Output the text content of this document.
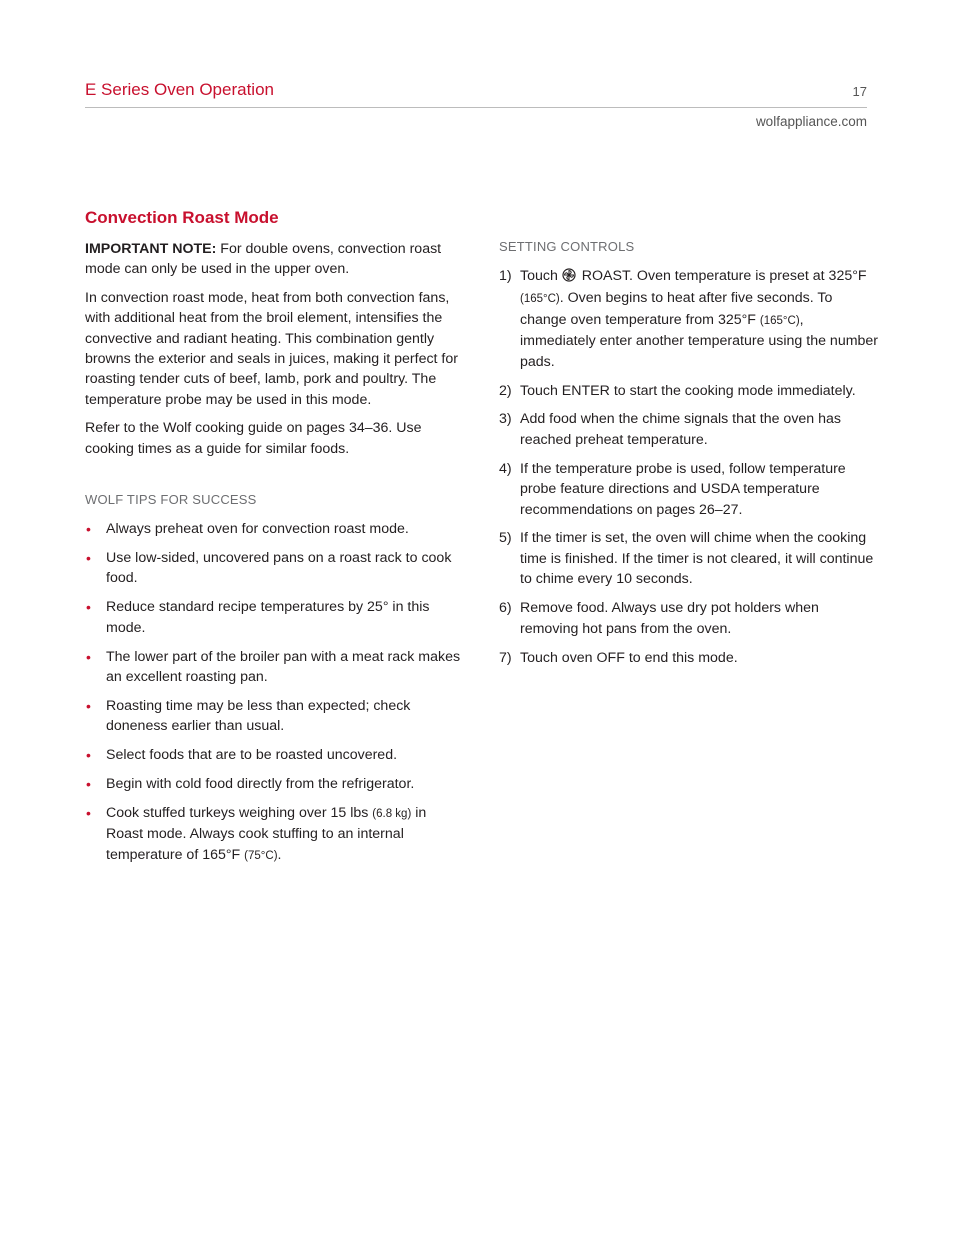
E Series Oven Operation	17
wolfappliance.com
Convection Roast Mode

IMPORTANT NOTE: For double ovens, convection roast mode can only be used in the upper oven.

In convection roast mode, heat from both convection fans, with additional heat from the broil element, intensifies the convective and radiant heating. This combination gently browns the exterior and seals in juices, making it perfect for roasting tender cuts of beef, lamb, pork and poultry. The temperature probe may be used in this mode.

Refer to the Wolf cooking guide on pages 34–36. Use cooking times as a guide for similar foods.

WOLF TIPS FOR SUCCESS
• Always preheat oven for convection roast mode.
• Use low-sided, uncovered pans on a roast rack to cook food.
• Reduce standard recipe temperatures by 25° in this mode.
• The lower part of the broiler pan with a meat rack makes an excellent roasting pan.
• Roasting time may be less than expected; check doneness earlier than usual.
• Select foods that are to be roasted uncovered.
• Begin with cold food directly from the refrigerator.
• Cook stuffed turkeys weighing over 15 lbs (6.8 kg) in Roast mode. Always cook stuffing to an internal temperature of 165°F (75°C).
SETTING CONTROLS
1) Touch  ROAST. Oven temperature is preset at 325°F (165°C). Oven begins to heat after five seconds. To change oven temperature from 325°F (165°C), immediately enter another temperature using the number pads.
2) Touch ENTER to start the cooking mode immediately.
3) Add food when the chime signals that the oven has reached preheat temperature.
4) If the temperature probe is used, follow temperature probe feature directions and USDA temperature recommendations on pages 26–27.
5) If the timer is set, the oven will chime when the cooking time is finished. If the timer is not cleared, it will continue to chime every 10 seconds.
6) Remove food. Always use dry pot holders when removing hot pans from the oven.
7) Touch oven OFF to end this mode.
